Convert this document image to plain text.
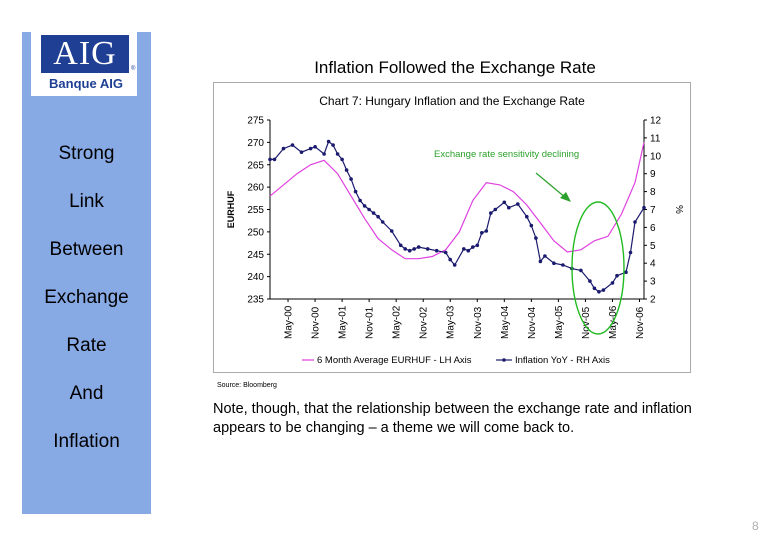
AIG	®
Banque AIG
Strong
Link
Between
Exchange
Rate
And
Inflation
Inflation Followed the Exchange Rate
Chart 7: Hungary Inflation and the Exchange Rate
235
240
245
250
255
260
265
270
275
2
3
4
5
6
7
8
9
10
11
12
EURHUF	%
May-00 Nov-00 May-01 Nov-01 May-02 Nov-02 May-03 Nov-03 May-04 Nov-04 May-05 Nov-05 May-06 Nov-06
Exchange rate sensitivity declining
6 Month Average EURHUF - LH Axis	Inflation YoY - RH Axis
Source: Bloomberg
Note, though, that the relationship between the exchange rate and inflation appears to be changing – a theme we will come back to.
8
